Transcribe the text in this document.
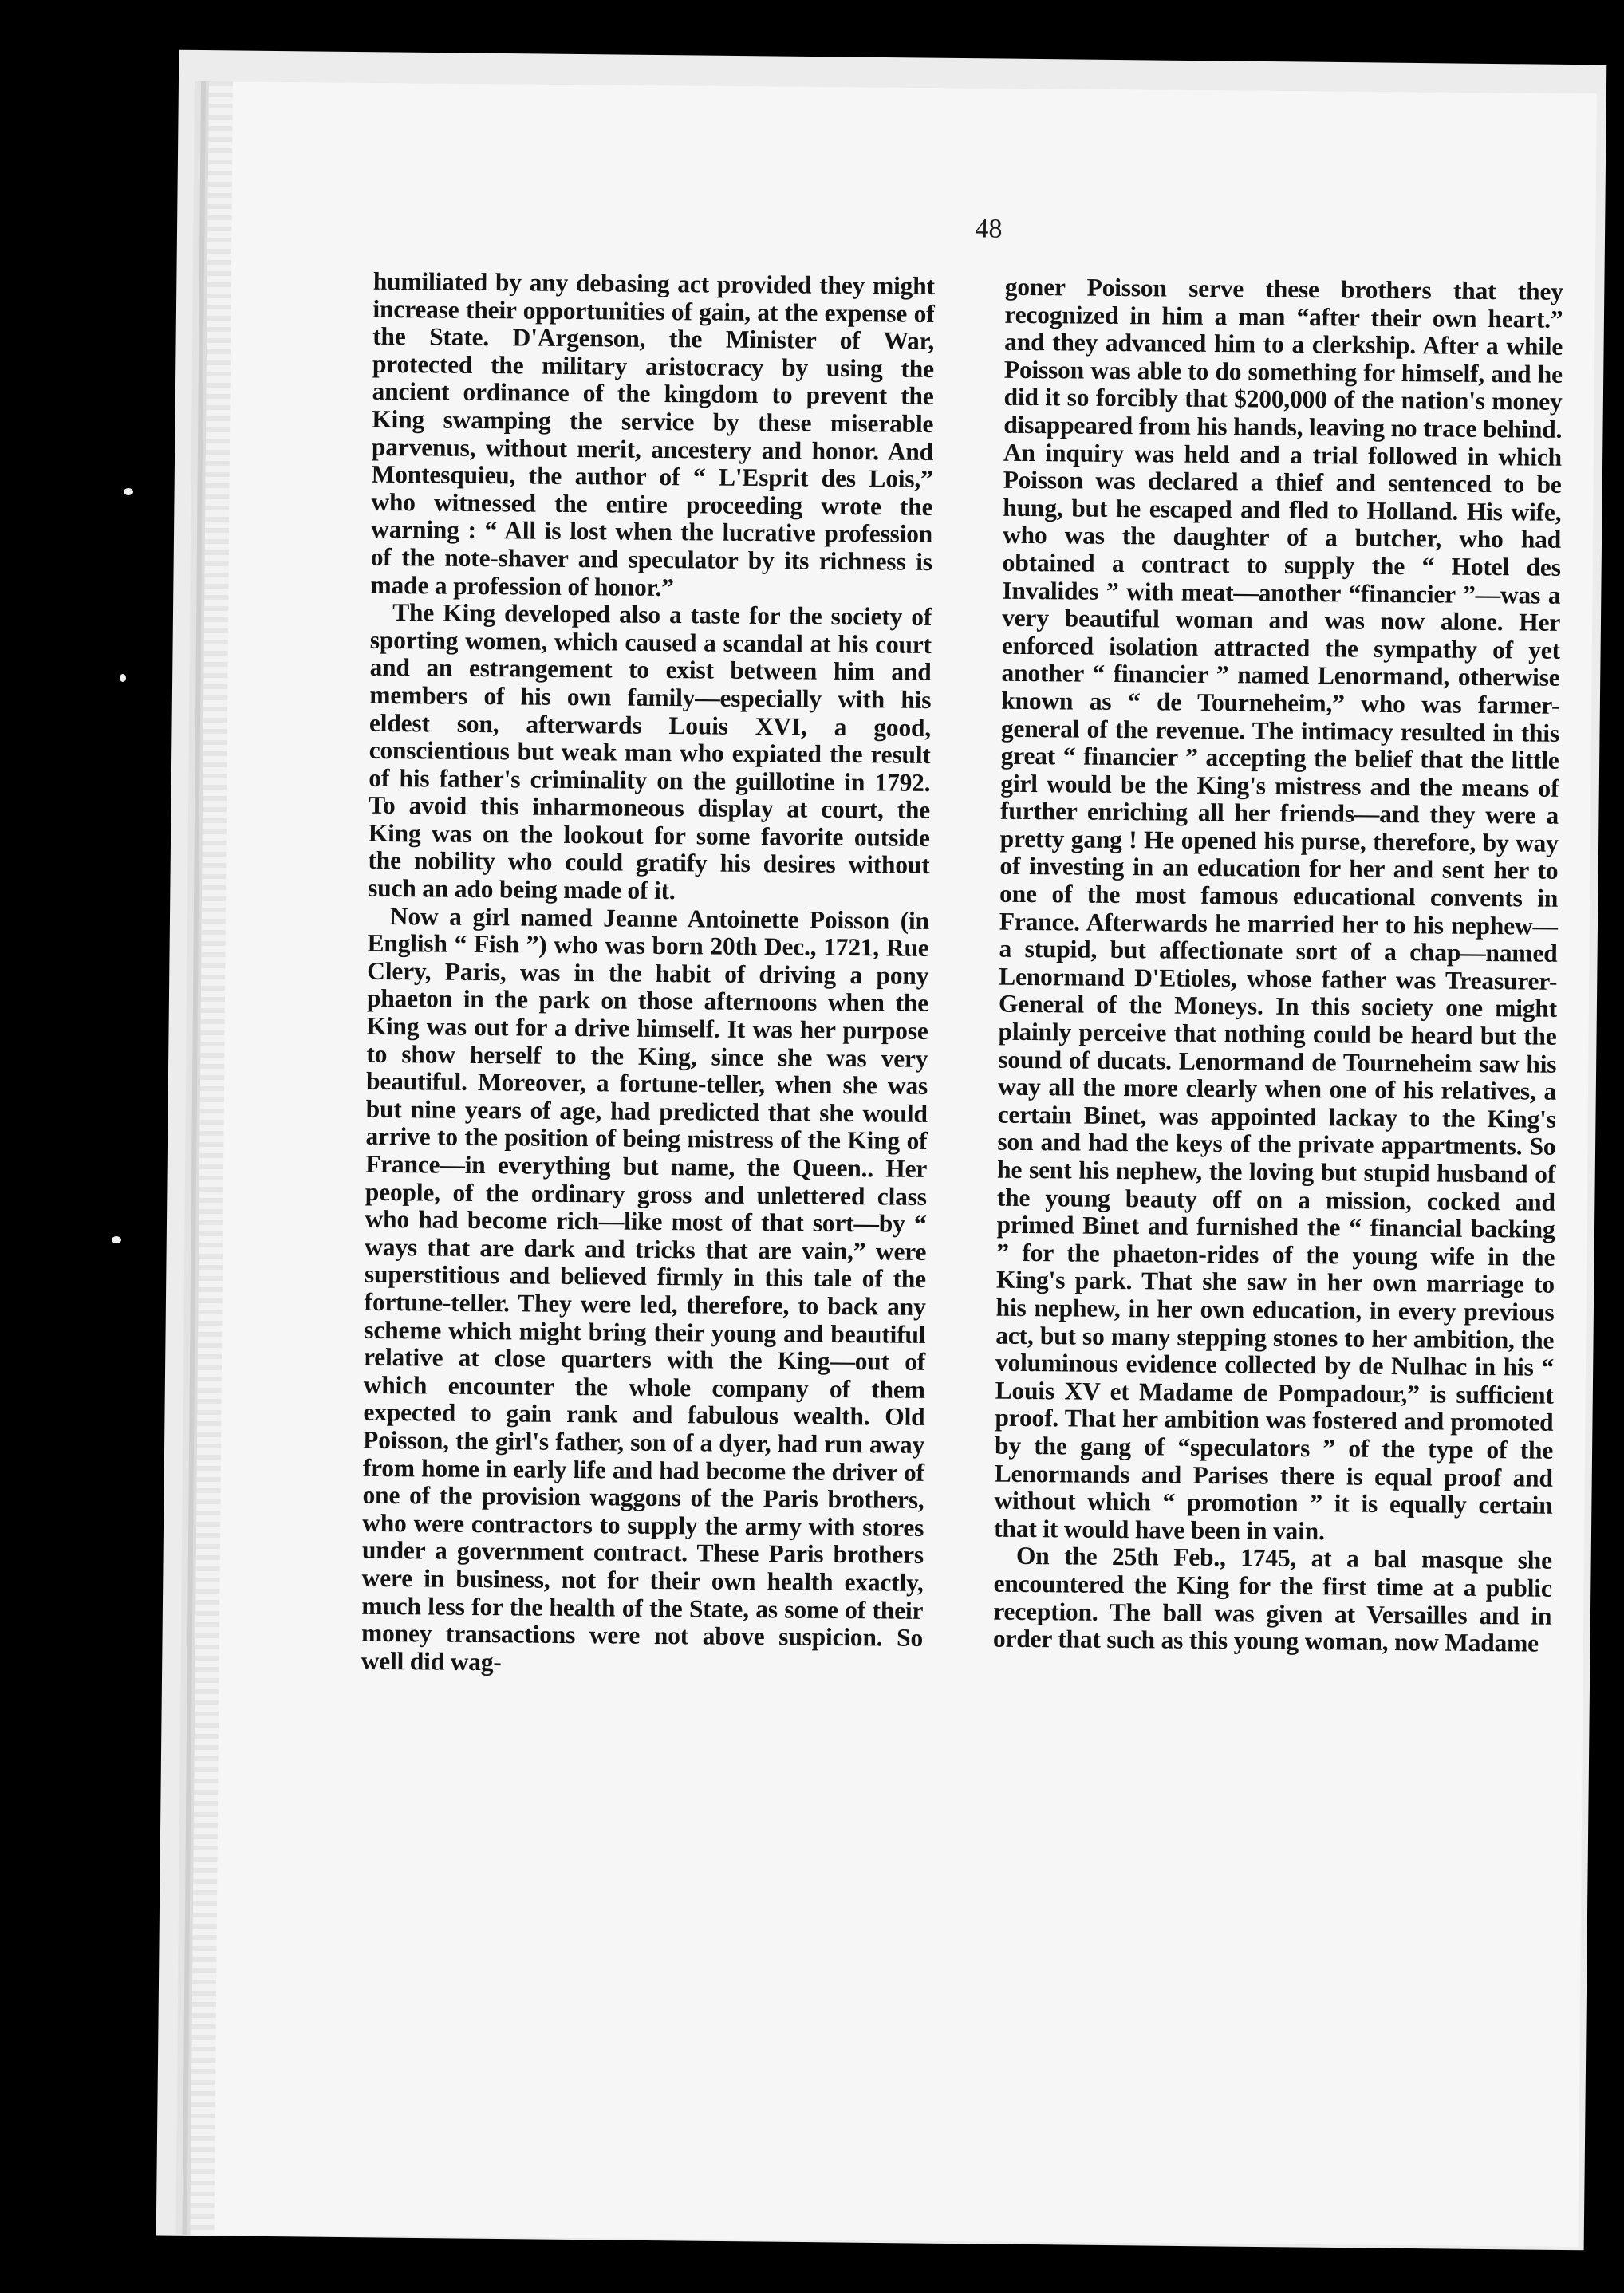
48

humiliated by any debasing act provided they might increase their opportunities of gain, at the expense of the State. D'Argenson, the Minister of War, protected the military aristocracy by using the ancient ordinance of the kingdom to prevent the King swamping the service by these miserable parvenus, without merit, ancestery and honor. And Montesquieu, the author of “ L'Esprit des Lois,” who witnessed the entire proceeding wrote the warning : “ All is lost when the lucrative profession of the note-shaver and speculator by its richness is made a profession of honor.”

The King developed also a taste for the society of sporting women, which caused a scandal at his court and an estrangement to exist between him and members of his own family—especially with his eldest son, afterwards Louis XVI, a good, conscientious but weak man who expiated the result of his father's criminality on the guillotine in 1792. To avoid this inharmoneous display at court, the King was on the lookout for some favorite outside the nobility who could gratify his desires without such an ado being made of it.

Now a girl named Jeanne Antoinette Poisson (in English “ Fish ”) who was born 20th Dec., 1721, Rue Clery, Paris, was in the habit of driving a pony phaeton in the park on those afternoons when the King was out for a drive himself. It was her purpose to show herself to the King, since she was very beautiful. Moreover, a fortune-teller, when she was but nine years of age, had predicted that she would arrive to the position of being mistress of the King of France—in everything but name, the Queen.. Her people, of the ordinary gross and unlettered class who had become rich—like most of that sort—by “ ways that are dark and tricks that are vain,” were superstitious and believed firmly in this tale of the fortune-teller. They were led, therefore, to back any scheme which might bring their young and beautiful relative at close quarters with the King—out of which encounter the whole company of them expected to gain rank and fabulous wealth. Old Poisson, the girl's father, son of a dyer, had run away from home in early life and had become the driver of one of the provision waggons of the Paris brothers, who were contractors to supply the army with stores under a government contract. These Paris brothers were in business, not for their own health exactly, much less for the health of the State, as some of their money transactions were not above suspicion. So well did wag-

goner Poisson serve these brothers that they recognized in him a man “after their own heart.” and they advanced him to a clerkship. After a while Poisson was able to do something for himself, and he did it so forcibly that $200,000 of the nation's money disappeared from his hands, leaving no trace behind. An inquiry was held and a trial followed in which Poisson was declared a thief and sentenced to be hung, but he escaped and fled to Holland. His wife, who was the daughter of a butcher, who had obtained a contract to supply the “ Hotel des Invalides ” with meat—another “financier ”—was a very beautiful woman and was now alone. Her enforced isolation attracted the sympathy of yet another “ financier ” named Lenormand, otherwise known as “ de Tourneheim,” who was farmer-general of the revenue. The intimacy resulted in this great “ financier ” accepting the belief that the little girl would be the King's mistress and the means of further enriching all her friends—and they were a pretty gang ! He opened his purse, therefore, by way of investing in an education for her and sent her to one of the most famous educational convents in France. Afterwards he married her to his nephew—a stupid, but affectionate sort of a chap—named Lenormand D'Etioles, whose father was Treasurer-General of the Moneys. In this society one might plainly perceive that nothing could be heard but the sound of ducats. Lenormand de Tourneheim saw his way all the more clearly when one of his relatives, a certain Binet, was appointed lackay to the King's son and had the keys of the private appartments. So he sent his nephew, the loving but stupid husband of the young beauty off on a mission, cocked and primed Binet and furnished the “ financial backing ” for the phaeton-rides of the young wife in the King's park. That she saw in her own marriage to his nephew, in her own education, in every previous act, but so many stepping stones to her ambition, the voluminous evidence collected by de Nulhac in his “ Louis XV et Madame de Pompadour,” is sufficient proof. That her ambition was fostered and promoted by the gang of “speculators ” of the type of the Lenormands and Parises there is equal proof and without which “ promotion ” it is equally certain that it would have been in vain.

On the 25th Feb., 1745, at a bal masque she encountered the King for the first time at a public reception. The ball was given at Versailles and in order that such as this young woman, now Madame
